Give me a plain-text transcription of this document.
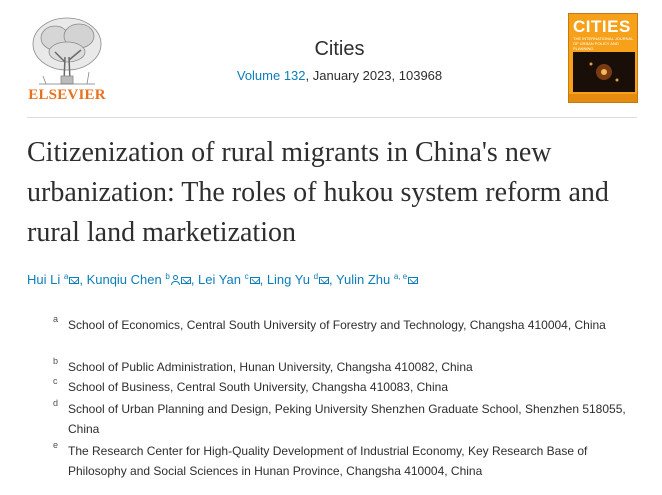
ELSEVIER
Cities
Volume 132, January 2023, 103968
CITIES
THE INTERNATIONAL JOURNAL OF URBAN POLICY AND PLANNING
Citizenization of rural migrants in China's new urbanization: The roles of hukou system reform and rural land marketization
Hui Li $^a$ , Kunqiu Chen $^b$ , Lei Yan $^c$ , Ling Yu $^d$ , Yulin Zhu $^{a, e}$
a School of Economics, Central South University of Forestry and Technology, Changsha 410004, China
b School of Public Administration, Hunan University, Changsha 410082, China
c School of Business, Central South University, Changsha 410083, China
d School of Urban Planning and Design, Peking University Shenzhen Graduate School, Shenzhen 518055, China
e The Research Center for High-Quality Development of Industrial Economy, Key Research Base of Philosophy and Social Sciences in Hunan Province, Changsha 410004, China
